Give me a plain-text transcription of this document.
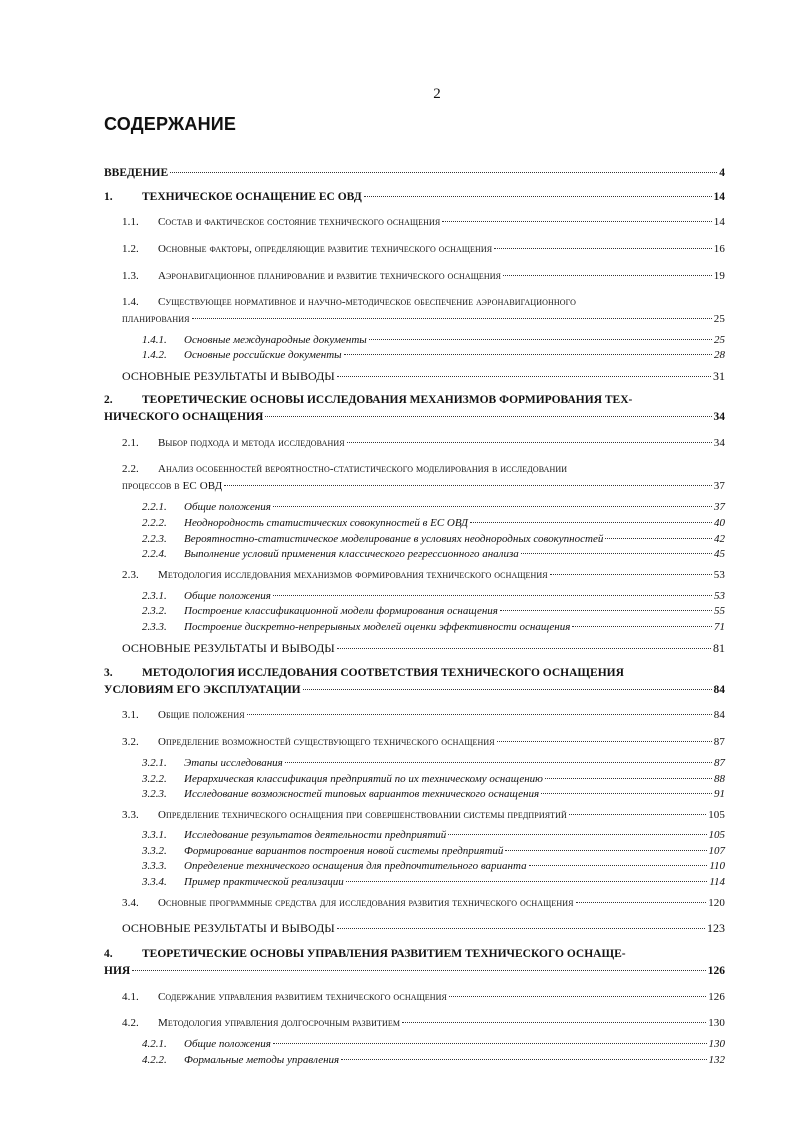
2
СОДЕРЖАНИЕ
ВВЕДЕНИЕ	4
1.	ТЕХНИЧЕСКОЕ ОСНАЩЕНИЕ ЕС ОВД	14
1.1.	Состав и фактическое состояние технического оснащения	14
1.2.	Основные факторы, определяющие развитие технического оснащения	16
1.3.	Аэронавигационное планирование и развитие технического оснащения	19
1.4.	Существующее нормативное и научно-методическое обеспечение аэронавигационного
планирования	25
1.4.1.	Основные международные документы	25
1.4.2.	Основные российские документы	28
ОСНОВНЫЕ РЕЗУЛЬТАТЫ И ВЫВОДЫ	31
2.	ТЕОРЕТИЧЕСКИЕ ОСНОВЫ ИССЛЕДОВАНИЯ МЕХАНИЗМОВ ФОРМИРОВАНИЯ ТЕХ-
НИЧЕСКОГО ОСНАЩЕНИЯ	34
2.1.	Выбор подхода и метода исследования	34
2.2.	Анализ особенностей вероятностно-статистического моделирования в исследовании
процессов в ЕС ОВД	37
2.2.1.	Общие положения	37
2.2.2.	Неоднородность статистических совокупностей в ЕС ОВД	40
2.2.3.	Вероятностно-статистическое моделирование в условиях неоднородных совокупностей	42
2.2.4.	Выполнение условий применения классического регрессионного анализа	45
2.3.	Методология исследования механизмов формирования технического оснащения	53
2.3.1.	Общие положения	53
2.3.2.	Построение классификационной модели формирования оснащения	55
2.3.3.	Построение дискретно-непрерывных моделей оценки эффективности оснащения	71
ОСНОВНЫЕ РЕЗУЛЬТАТЫ И ВЫВОДЫ	81
3.	МЕТОДОЛОГИЯ ИССЛЕДОВАНИЯ СООТВЕТСТВИЯ ТЕХНИЧЕСКОГО ОСНАЩЕНИЯ
УСЛОВИЯМ ЕГО ЭКСПЛУАТАЦИИ	84
3.1.	Общие положения	84
3.2.	Определение возможностей существующего технического оснащения	87
3.2.1.	Этапы исследования	87
3.2.2.	Иерархическая классификация предприятий по их техническому оснащению	88
3.2.3.	Исследование возможностей типовых вариантов технического оснащения	91
3.3.	Определение технического оснащения при совершенствовании системы предприятий	105
3.3.1.	Исследование результатов деятельности предприятий	105
3.3.2.	Формирование вариантов построения новой системы предприятий	107
3.3.3.	Определение технического оснащения для предпочтительного варианта	110
3.3.4.	Пример практической реализации	114
3.4.	Основные программные средства для исследования развития технического оснащения	120
ОСНОВНЫЕ РЕЗУЛЬТАТЫ И ВЫВОДЫ	123
4.	ТЕОРЕТИЧЕСКИЕ ОСНОВЫ УПРАВЛЕНИЯ РАЗВИТИЕМ ТЕХНИЧЕСКОГО ОСНАЩЕ-
НИЯ	126
4.1.	Содержание управления развитием технического оснащения	126
4.2.	Методология управления долгосрочным развитием	130
4.2.1.	Общие положения	130
4.2.2.	Формальные методы управления	132
